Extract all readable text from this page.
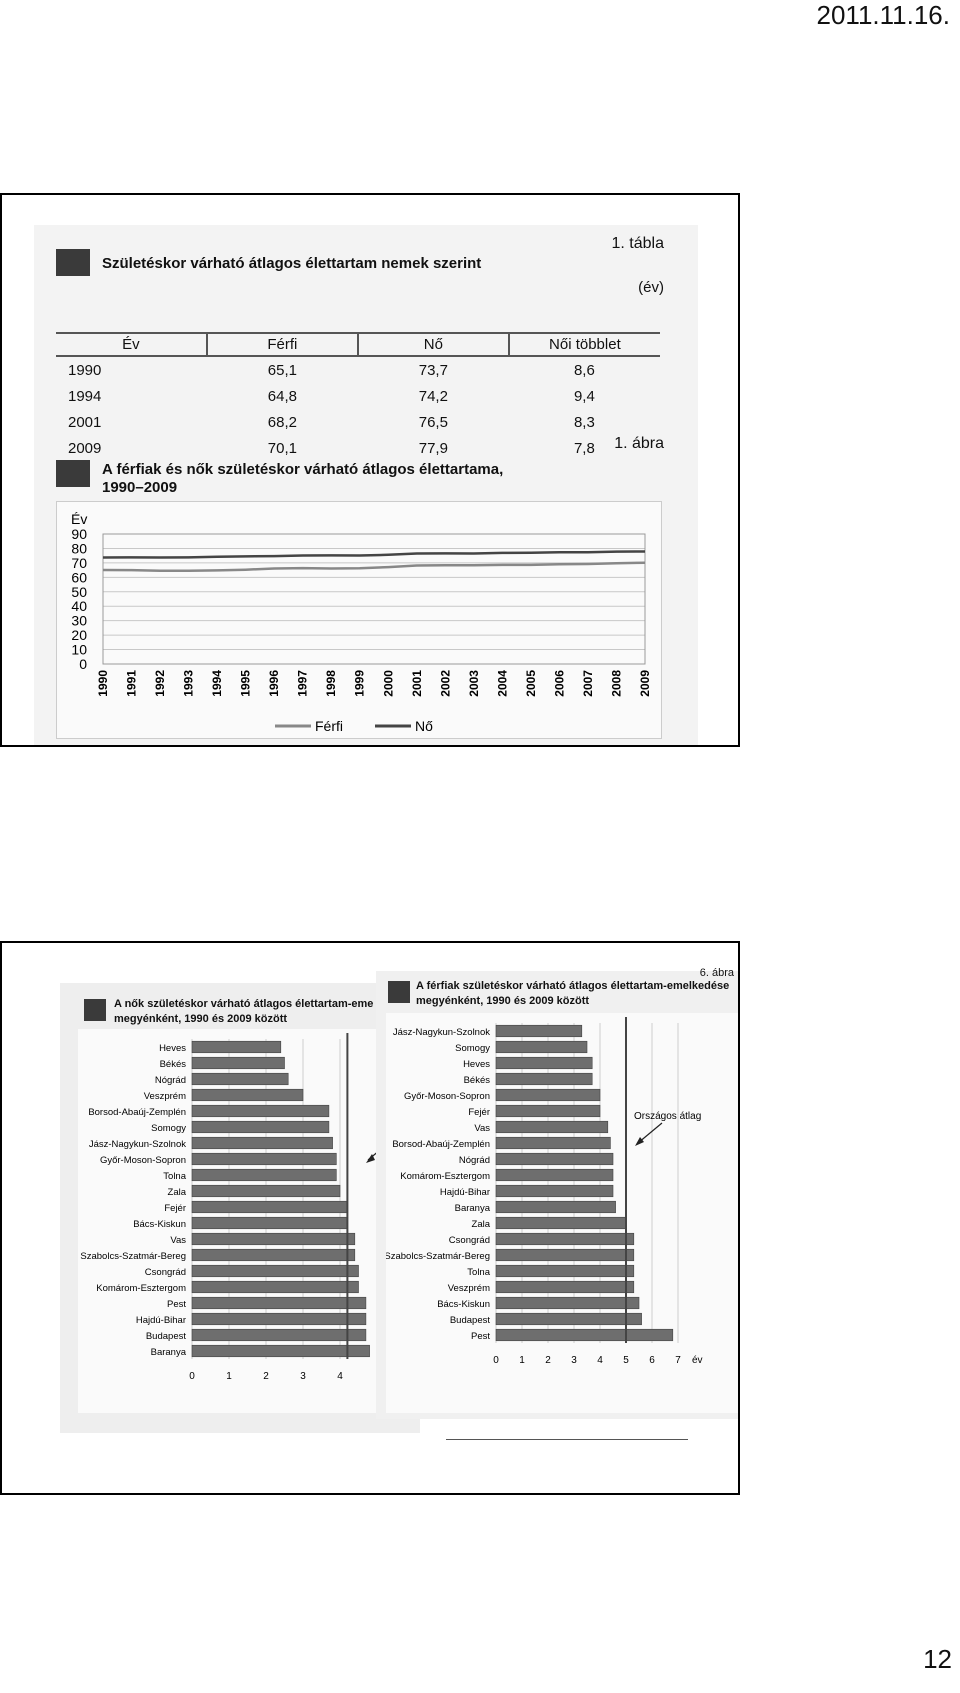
2011.11.16.
1. tábla
Születéskor várható átlagos élettartam nemek szerint
(év)
Év	Férfi	Nő	Női többlet
1990	65,1	73,7	8,6
1994	64,8	74,2	9,4
2001	68,2	76,5	8,3
2009	70,1	77,9	7,8 1. ábra
A férfiak és nők születéskor várható átlagos élettartama,
1990–2009
Év
0
10
20
30
40
50
60
70
80
90
1990 1991 1992 1993 1994 1995 1996 1997 1998 1999 2000 2001 2002 2003 2004 2005 2006 2007 2008 2009
Férfi	Nő
A nők születéskor várható átlagos élettartam-eme
megyénként, 1990 és 2009 között
0	1	2	3	4
Heves
Békés
Nógrád
Veszprém
Borsod-Abaúj-Zemplén
Somogy
Jász-Nagykun-Szolnok
Győr-Moson-Sopron
Tolna
Zala
Fejér
Bács-Kiskun
Vas
Szabolcs-Szatmár-Bereg
Csongrád
Komárom-Esztergom
Pest
Hajdú-Bihar
Budapest
Baranya
6. ábra
A férfiak születéskor várható átlagos élettartam-emelkedése
megyénként, 1990 és 2009 között
0 1 2 3 4 5 6 7 év
Jász-Nagykun-Szolnok
Somogy
Heves
Békés
Győr-Moson-Sopron
Fejér
Vas
Borsod-Abaúj-Zemplén
Nógrád
Komárom-Esztergom
Hajdú-Bihar
Baranya
Zala
Csongrád
Szabolcs-Szatmár-Bereg
Tolna
Veszprém
Bács-Kiskun
Budapest
Pest
Országos átlag
12
